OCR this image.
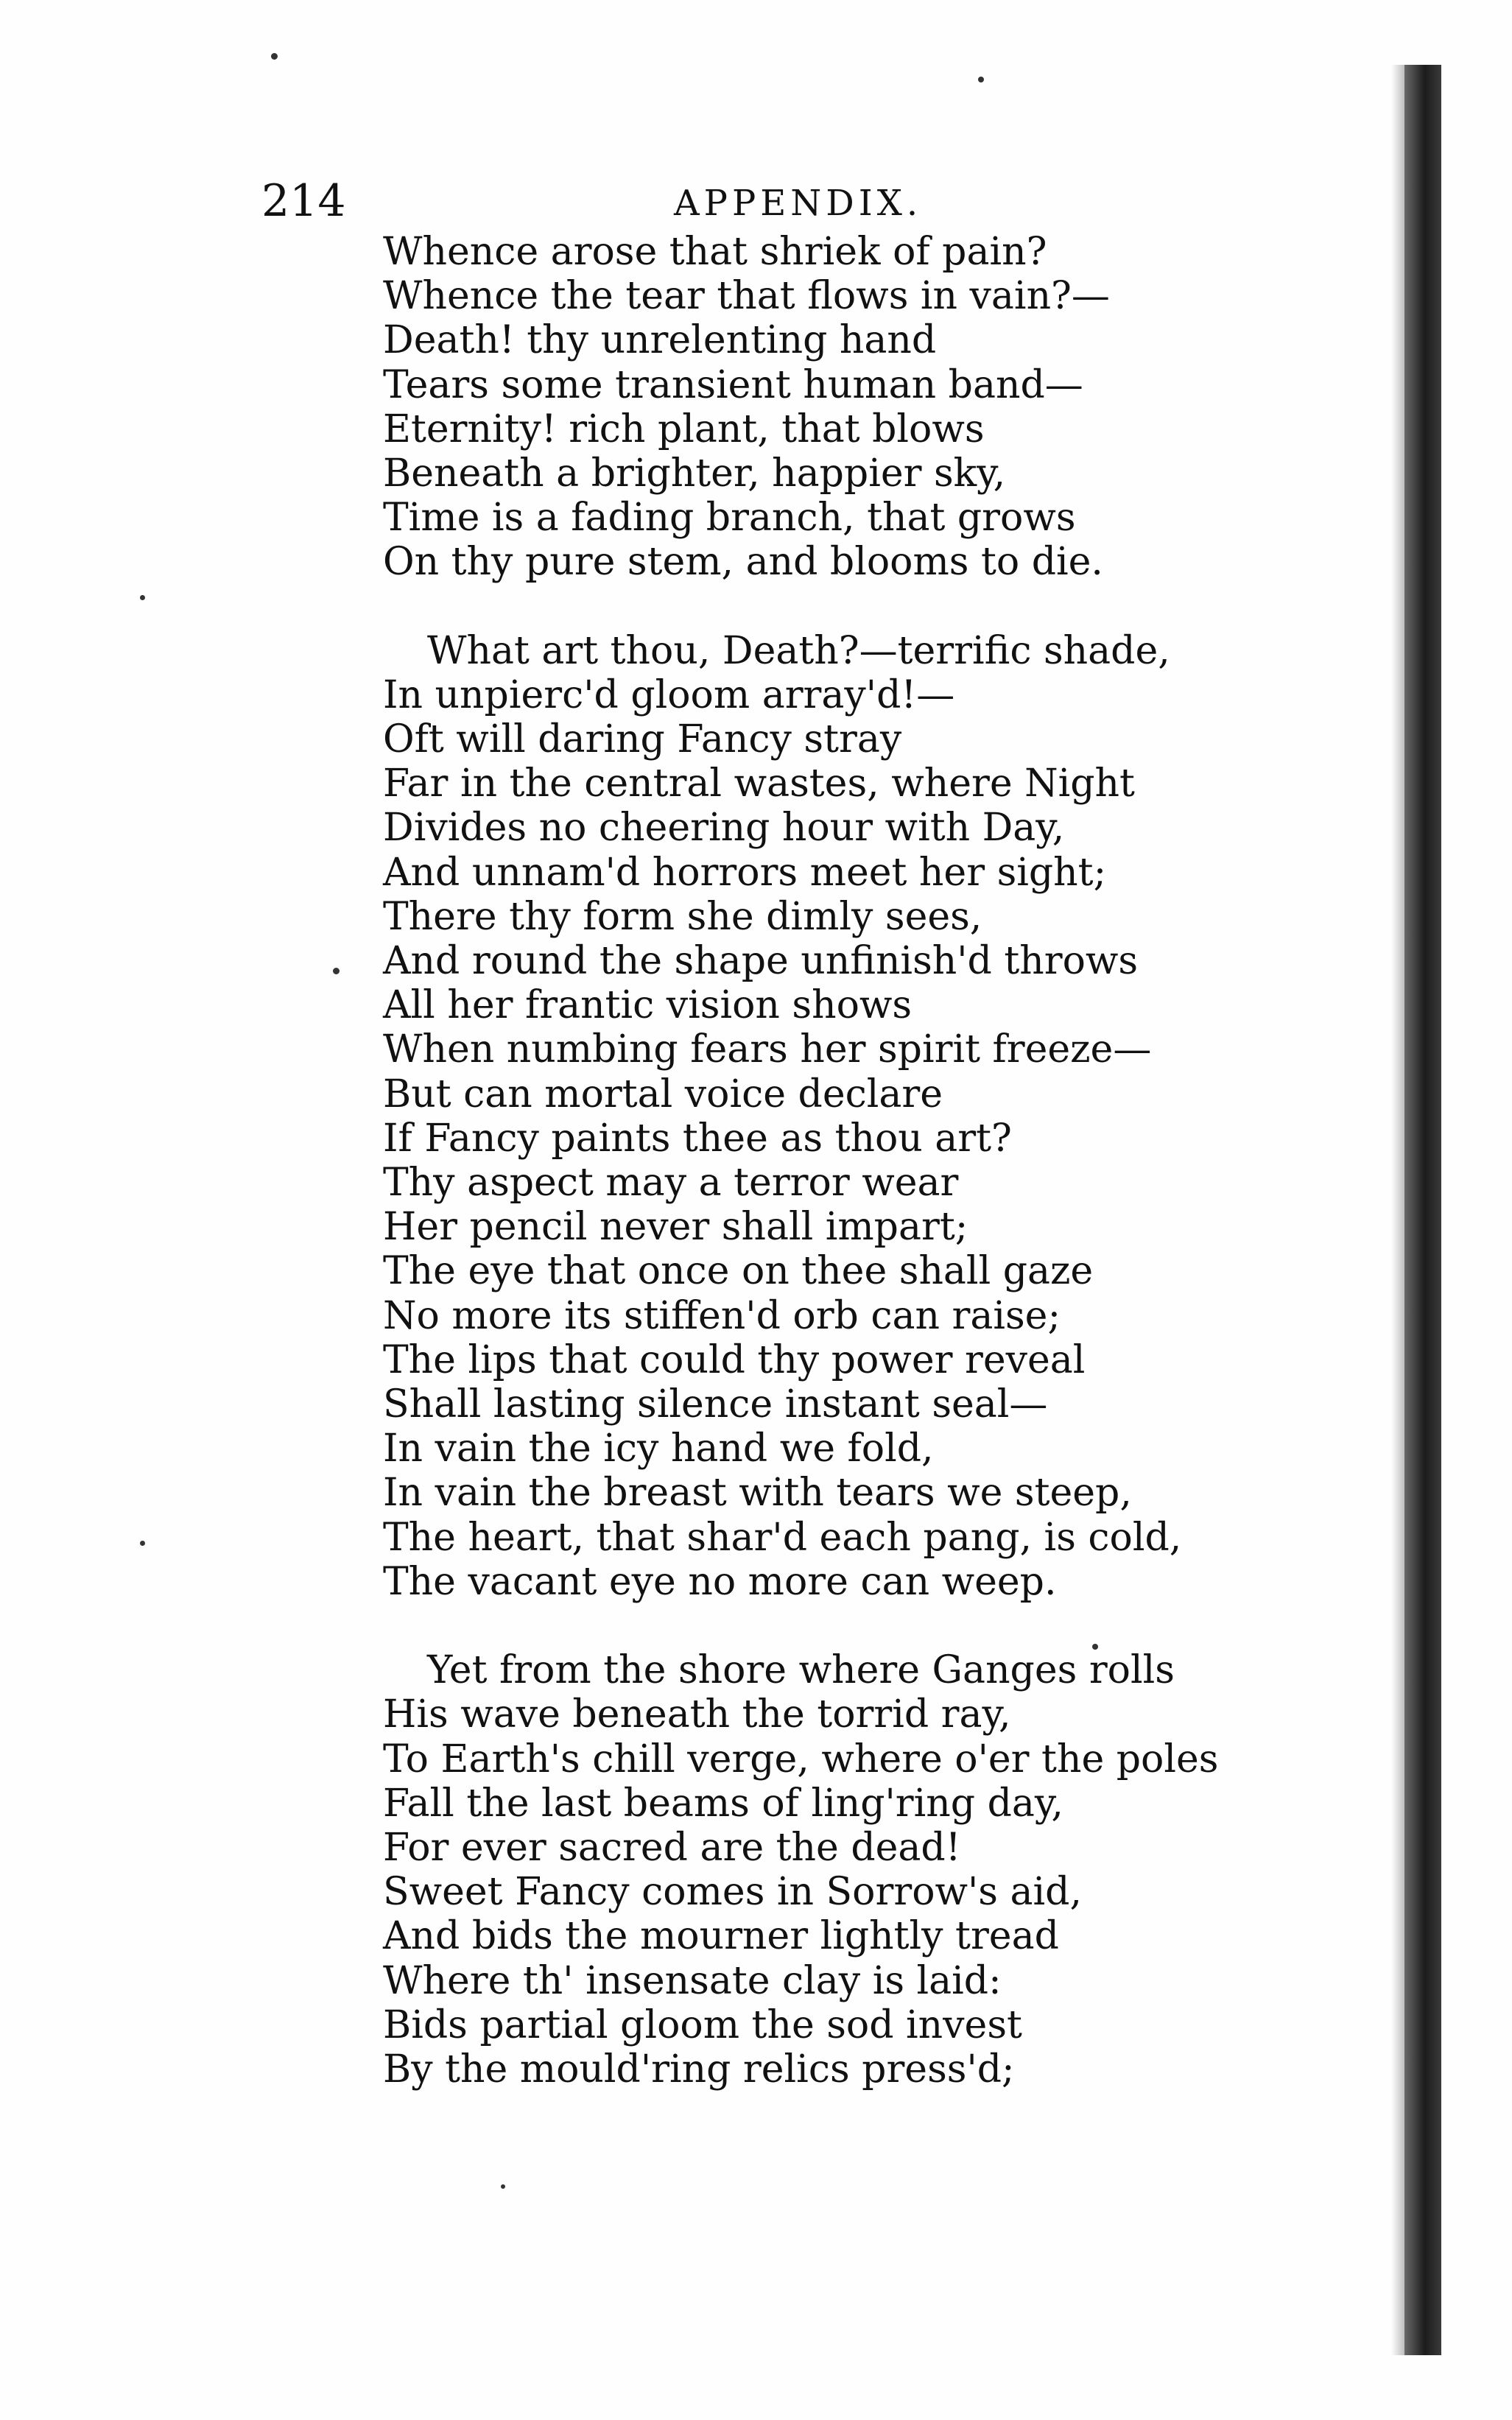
214	APPENDIX.
Whence arose that shriek of pain?
Whence the tear that flows in vain?—
Death! thy unrelenting hand
Tears some transient human band—
Eternity! rich plant, that blows
Beneath a brighter, happier sky,
Time is a fading branch, that grows
On thy pure stem, and blooms to die.
What art thou, Death?—terrific shade,
In unpierc'd gloom array'd!—
Oft will daring Fancy stray
Far in the central wastes, where Night
Divides no cheering hour with Day,
And unnam'd horrors meet her sight;
There thy form she dimly sees,
And round the shape unfinish'd throws
All her frantic vision shows
When numbing fears her spirit freeze—
But can mortal voice declare
If Fancy paints thee as thou art?
Thy aspect may a terror wear
Her pencil never shall impart;
The eye that once on thee shall gaze
No more its stiffen'd orb can raise;
The lips that could thy power reveal
Shall lasting silence instant seal—
In vain the icy hand we fold,
In vain the breast with tears we steep,
The heart, that shar'd each pang, is cold,
The vacant eye no more can weep.
Yet from the shore where Ganges rolls
His wave beneath the torrid ray,
To Earth's chill verge, where o'er the poles
Fall the last beams of ling'ring day,
For ever sacred are the dead!
Sweet Fancy comes in Sorrow's aid,
And bids the mourner lightly tread
Where th' insensate clay is laid:
Bids partial gloom the sod invest
By the mould'ring relics press'd;
